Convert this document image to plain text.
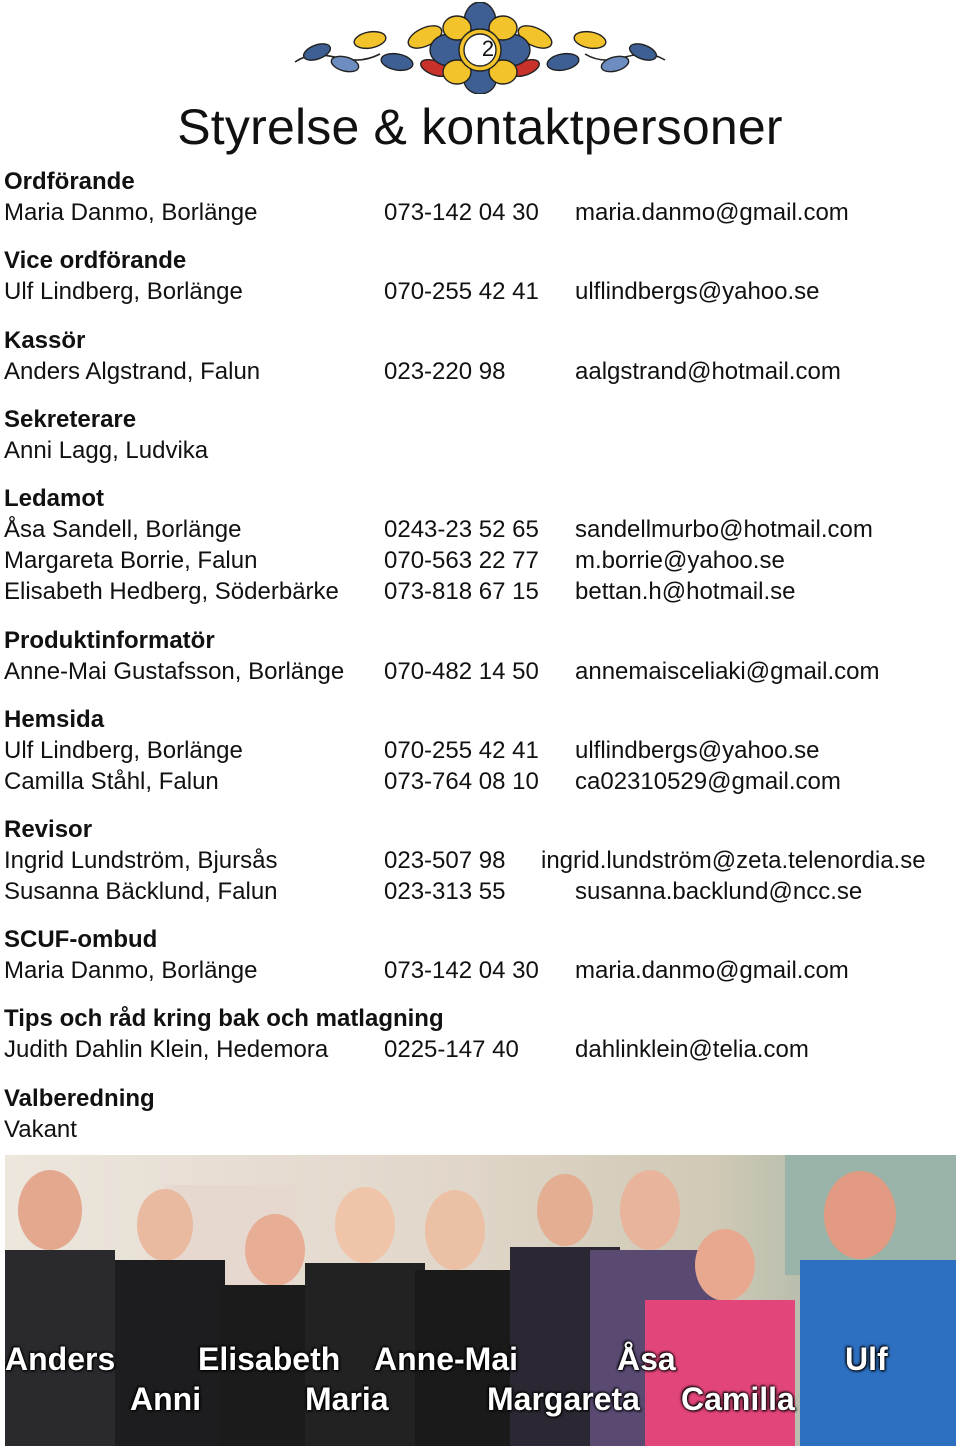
2
Styrelse & kontaktpersoner
Ordförande
Maria Danmo, Borlänge	073-142 04 30 maria.danmo@gmail.com
Vice ordförande
Ulf Lindberg, Borlänge	070-255 42 41 ulflindbergs@yahoo.se
Kassör
Anders Algstrand, Falun	023-220 98	aalgstrand@hotmail.com
Sekreterare
Anni Lagg, Ludvika
Ledamot
Åsa Sandell, Borlänge	0243-23 52 65 sandellmurbo@hotmail.com
Margareta Borrie, Falun	070-563 22 77 m.borrie@yahoo.se
Elisabeth Hedberg, Söderbärke 073-818 67 15 bettan.h@hotmail.se
Produktinformatör
Anne-Mai Gustafsson, Borlänge 070-482 14 50 annemaisceliaki@gmail.com
Hemsida
Ulf Lindberg, Borlänge	070-255 42 41 ulflindbergs@yahoo.se
Camilla Ståhl, Falun	073-764 08 10 ca02310529@gmail.com
Revisor
Ingrid Lundström, Bjursås	023-507 98 ingrid.lundström@zeta.telenordia.se
Susanna Bäcklund, Falun	023-313 55	susanna.backlund@ncc.se
SCUF-ombud
Maria Danmo, Borlänge	073-142 04 30 maria.danmo@gmail.com
Tips och råd kring bak och matlagning
Judith Dahlin Klein, Hedemora 0225-147 40 dahlinklein@telia.com
Valberedning
Vakant
Anders	Elisabeth Anne-Mai	Åsa	Ulf
Anni	Maria	Margareta Camilla
